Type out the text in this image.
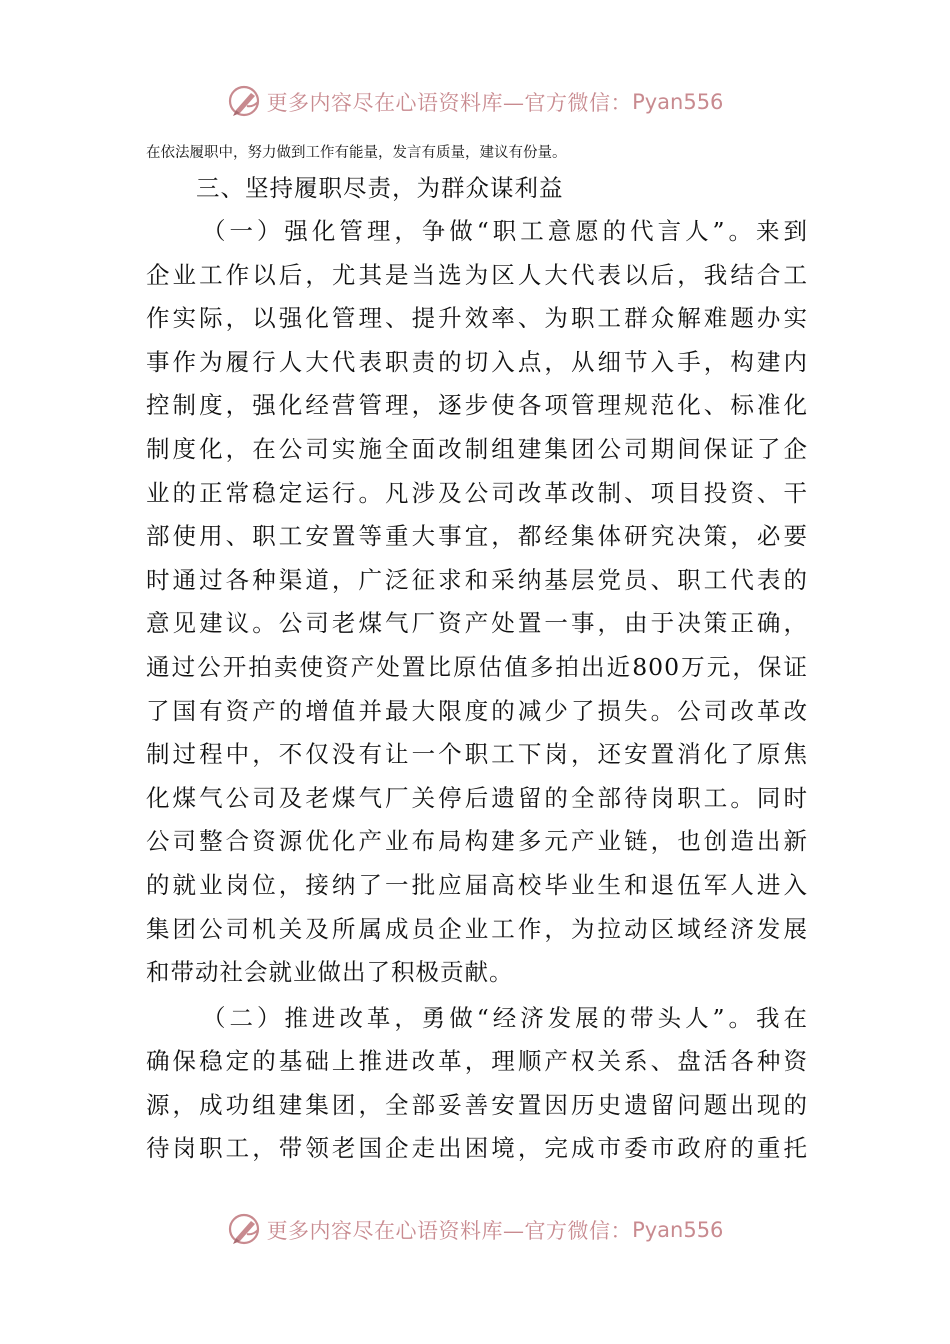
更多内容尽在心语资料库—官方微信： Pyan556
在依法履职中，努力做到工作有能量，发言有质量，建议有份量。
三、坚持履职尽责，为群众谋利益
（一）强化管理，争做“职工意愿的代言人”。来到
企业工作以后，尤其是当选为区人大代表以后，我结合工
作实际，以强化管理、提升效率、为职工群众解难题办实
事作为履行人大代表职责的切入点，从细节入手，构建内
控制度，强化经营管理，逐步使各项管理规范化、标准化
制度化，在公司实施全面改制组建集团公司期间保证了企
业的正常稳定运行。凡涉及公司改革改制、项目投资、干
部使用、职工安置等重大事宜，都经集体研究决策，必要
时通过各种渠道，广泛征求和采纳基层党员、职工代表的
意见建议。公司老煤气厂资产处置一事，由于决策正确，
通过公开拍卖使资产处置比原估值多拍出近800万元，保证
了国有资产的增值并最大限度的减少了损失。公司改革改
制过程中，不仅没有让一个职工下岗，还安置消化了原焦
化煤气公司及老煤气厂关停后遗留的全部待岗职工。同时
公司整合资源优化产业布局构建多元产业链，也创造出新
的就业岗位，接纳了一批应届高校毕业生和退伍军人进入
集团公司机关及所属成员企业工作，为拉动区域经济发展
和带动社会就业做出了积极贡献。
（二）推进改革，勇做“经济发展的带头人”。我在
确保稳定的基础上推进改革，理顺产权关系、盘活各种资
源，成功组建集团，全部妥善安置因历史遗留问题出现的
待岗职工，带领老国企走出困境，完成市委市政府的重托
更多内容尽在心语资料库—官方微信： Pyan556
